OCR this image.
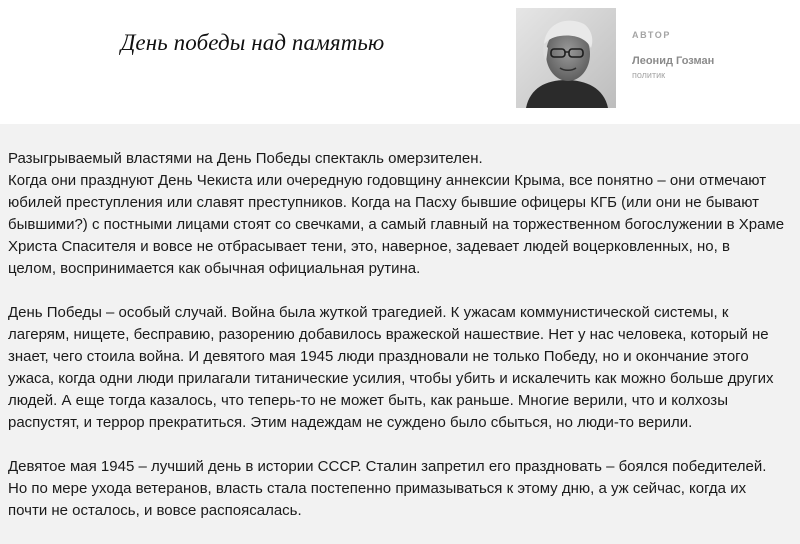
День победы над памятью	АВТОР
Леонид Гозман
политик

Разыгрываемый властями на День Победы спектакль омерзителен.
Когда они празднуют День Чекиста или очередную годовщину аннексии Крыма, все понятно – они отмечают
юбилей преступления или славят преступников. Когда на Пасху бывшие офицеры КГБ (или они не бывают
бывшими?) с постными лицами стоят со свечками, а самый главный на торжественном богослужении в Храме
Христа Спасителя и вовсе не отбрасывает тени, это, наверное, задевает людей воцерковленных, но, в
целом, воспринимается как обычная официальная рутина.

День Победы – особый случай. Война была жуткой трагедией. К ужасам коммунистической системы, к
лагерям, нищете, бесправию, разорению добавилось вражеской нашествие. Нет у нас человека, который не
знает, чего стоила война. И девятого мая 1945 люди праздновали не только Победу, но и окончание этого
ужаса, когда одни люди прилагали титанические усилия, чтобы убить и искалечить как можно больше других
людей. А еще тогда казалось, что теперь-то не может быть, как раньше. Многие верили, что и колхозы
распустят, и террор прекратиться. Этим надеждам не суждено было сбыться, но люди-то верили.

Девятое мая 1945 – лучший день в истории СССР. Сталин запретил его праздновать – боялся победителей.
Но по мере ухода ветеранов, власть стала постепенно примазываться к этому дню, а уж сейчас, когда их
почти не осталось, и вовсе распоясалась.
